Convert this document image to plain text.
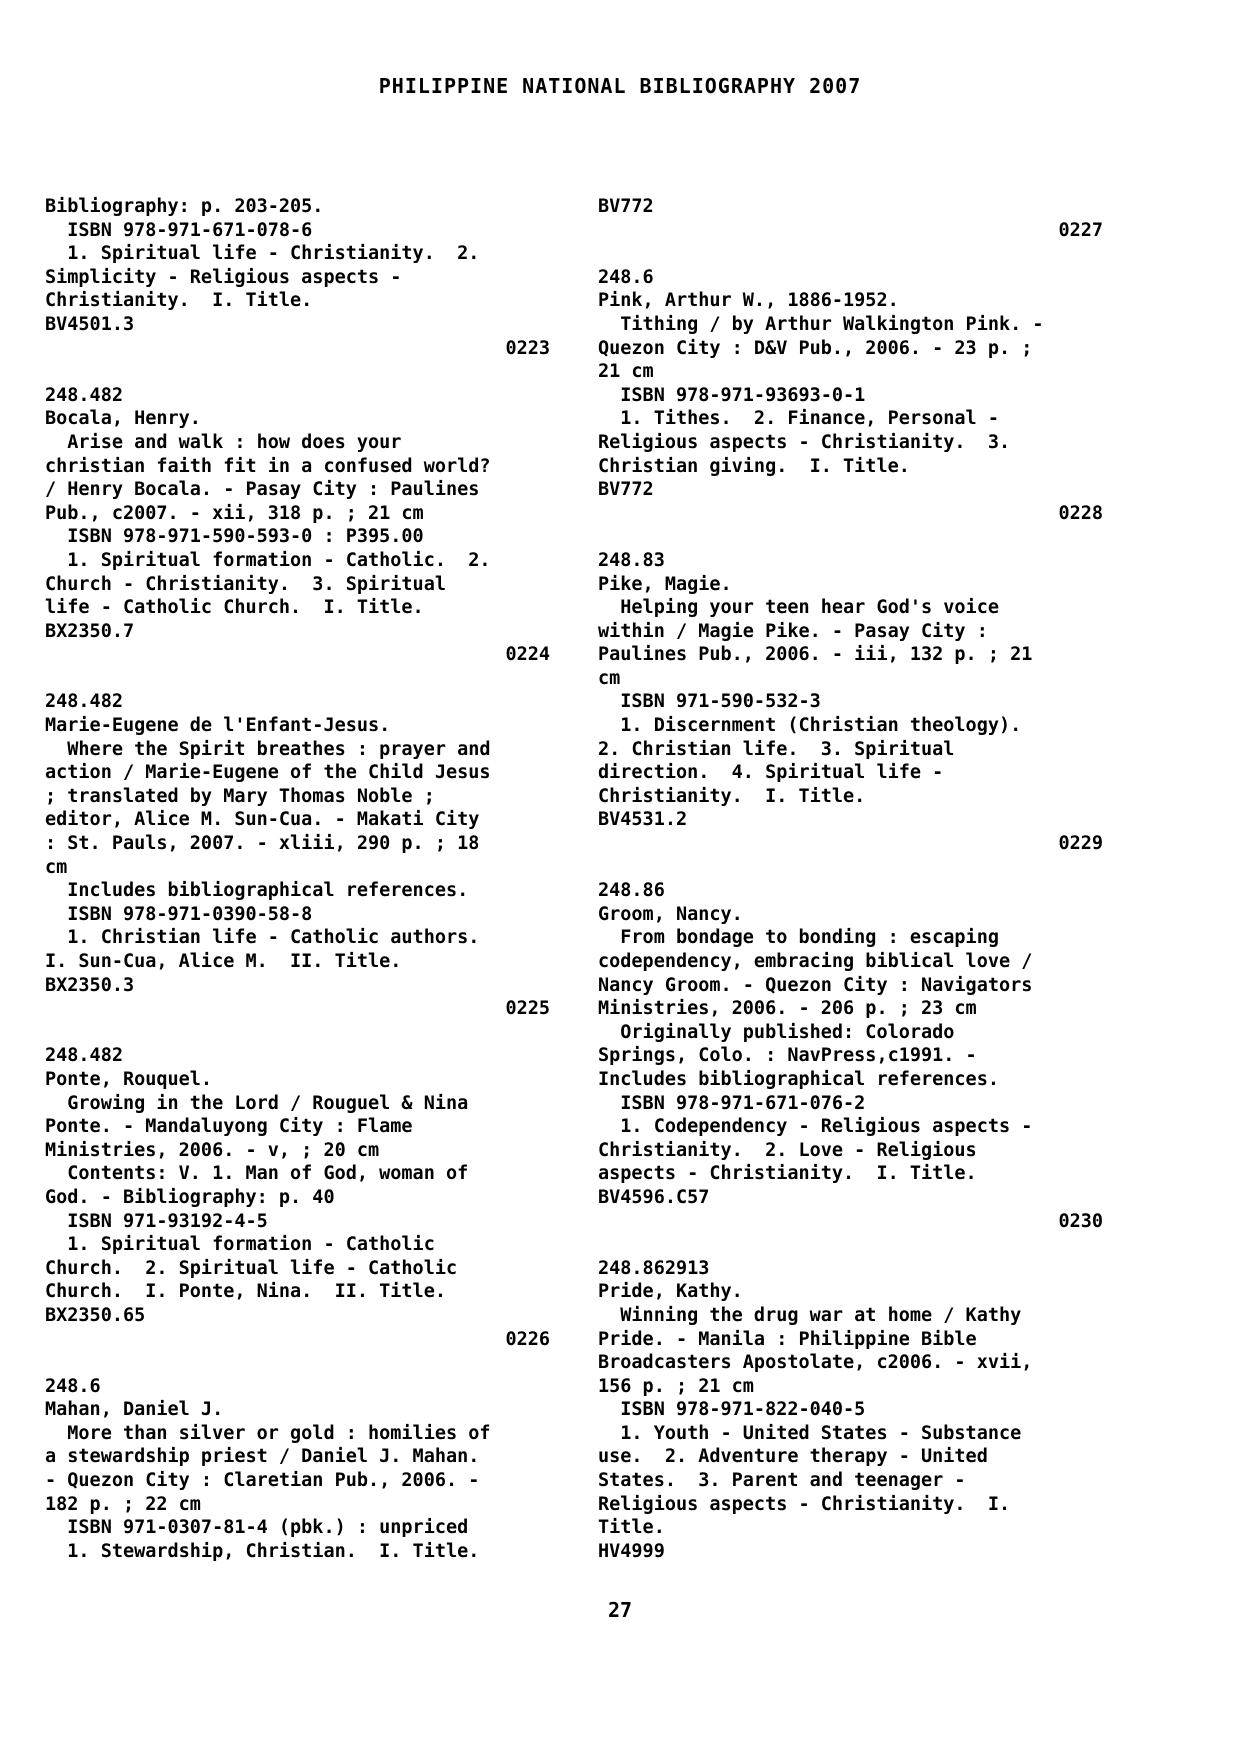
PHILIPPINE NATIONAL BIBLIOGRAPHY 2007
Bibliography: p. 203-205.
ISBN 978-971-671-078-6
1. Spiritual life - Christianity.  2.
Simplicity - Religious aspects -
Christianity.  I. Title.
BV4501.3
0223
248.482
Bocala, Henry.
Arise and walk : how does your
christian faith fit in a confused world?
/ Henry Bocala. - Pasay City : Paulines
Pub., c2007. - xii, 318 p. ; 21 cm
ISBN 978-971-590-593-0 : P395.00
1. Spiritual formation - Catholic.  2.
Church - Christianity.  3. Spiritual
life - Catholic Church.  I. Title.
BX2350.7
0224
248.482
Marie-Eugene de l'Enfant-Jesus.
Where the Spirit breathes : prayer and
action / Marie-Eugene of the Child Jesus
; translated by Mary Thomas Noble ;
editor, Alice M. Sun-Cua. - Makati City
: St. Pauls, 2007. - xliii, 290 p. ; 18
cm
Includes bibliographical references.
ISBN 978-971-0390-58-8
1. Christian life - Catholic authors.
I. Sun-Cua, Alice M.  II. Title.
BX2350.3
0225
248.482
Ponte, Rouquel.
Growing in the Lord / Rouguel & Nina
Ponte. - Mandaluyong City : Flame
Ministries, 2006. - v, ; 20 cm
Contents: V. 1. Man of God, woman of
God. - Bibliography: p. 40
ISBN 971-93192-4-5
1. Spiritual formation - Catholic
Church.  2. Spiritual life - Catholic
Church.  I. Ponte, Nina.  II. Title.
BX2350.65
0226
248.6
Mahan, Daniel J.
More than silver or gold : homilies of
a stewardship priest / Daniel J. Mahan.
- Quezon City : Claretian Pub., 2006. -
182 p. ; 22 cm
ISBN 971-0307-81-4 (pbk.) : unpriced
1. Stewardship, Christian.  I. Title.
BV772
0227
248.6
Pink, Arthur W., 1886-1952.
Tithing / by Arthur Walkington Pink. -
Quezon City : D&V Pub., 2006. - 23 p. ;
21 cm
ISBN 978-971-93693-0-1
1. Tithes.  2. Finance, Personal -
Religious aspects - Christianity.  3.
Christian giving.  I. Title.
BV772
0228
248.83
Pike, Magie.
Helping your teen hear God's voice
within / Magie Pike. - Pasay City :
Paulines Pub., 2006. - iii, 132 p. ; 21
cm
ISBN 971-590-532-3
1. Discernment (Christian theology).
2. Christian life.  3. Spiritual
direction.  4. Spiritual life -
Christianity.  I. Title.
BV4531.2
0229
248.86
Groom, Nancy.
From bondage to bonding : escaping
codependency, embracing biblical love /
Nancy Groom. - Quezon City : Navigators
Ministries, 2006. - 206 p. ; 23 cm
Originally published: Colorado
Springs, Colo. : NavPress,c1991. -
Includes bibliographical references.
ISBN 978-971-671-076-2
1. Codependency - Religious aspects -
Christianity.  2. Love - Religious
aspects - Christianity.  I. Title.
BV4596.C57
0230
248.862913
Pride, Kathy.
Winning the drug war at home / Kathy
Pride. - Manila : Philippine Bible
Broadcasters Apostolate, c2006. - xvii,
156 p. ; 21 cm
ISBN 978-971-822-040-5
1. Youth - United States - Substance
use.  2. Adventure therapy - United
States.  3. Parent and teenager -
Religious aspects - Christianity.  I.
Title.
HV4999
27
